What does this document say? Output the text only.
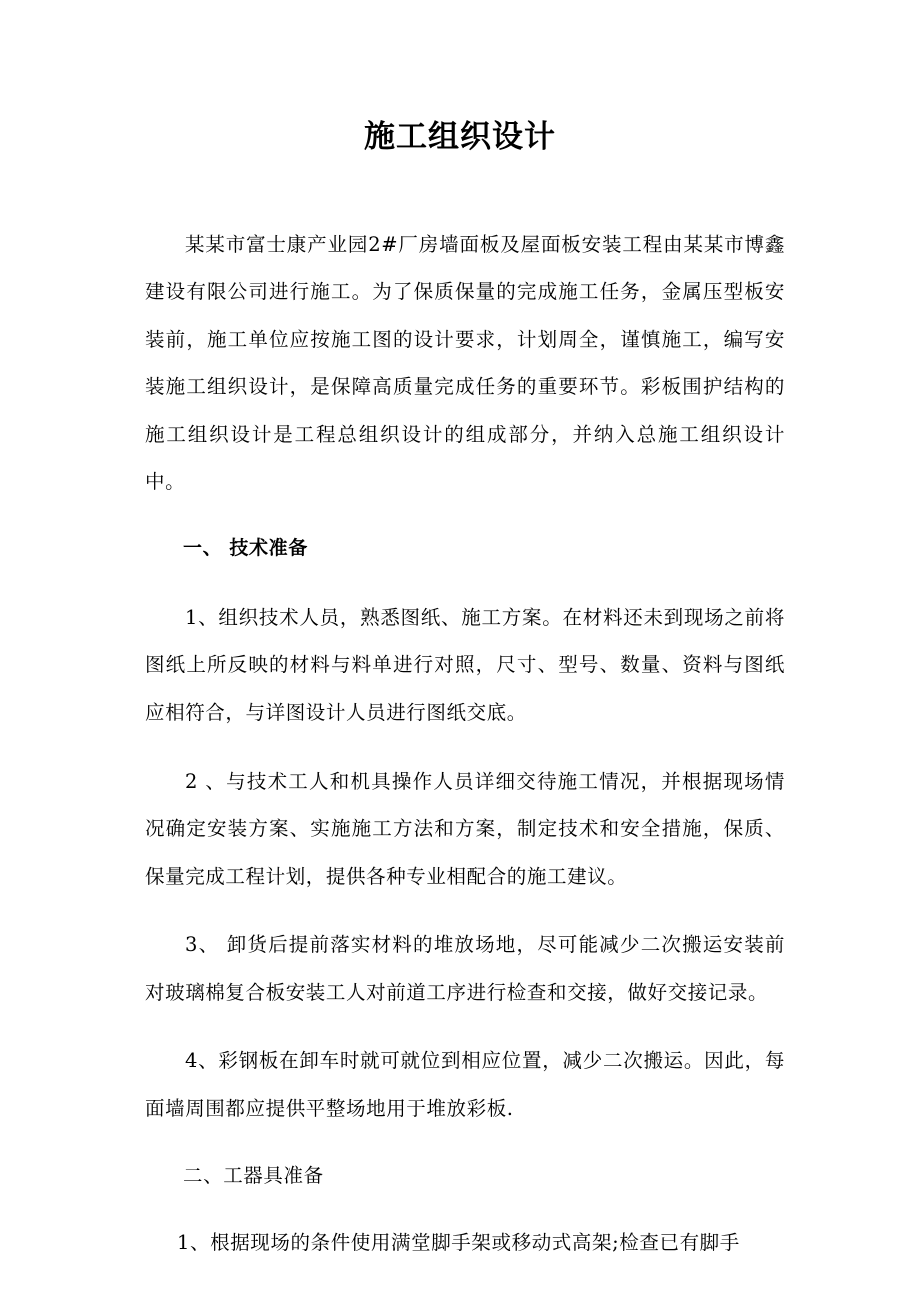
施工组织设计

某某市富士康产业园2#厂房墙面板及屋面板安装工程由某某市博鑫建设有限公司进行施工。为了保质保量的完成施工任务，金属压型板安装前，施工单位应按施工图的设计要求，计划周全，谨慎施工，编写安装施工组织设计，是保障高质量完成任务的重要环节。彩板围护结构的施工组织设计是工程总组织设计的组成部分，并纳入总施工组织设计中。

一、 技术准备

1、组织技术人员，熟悉图纸、施工方案。在材料还未到现场之前将图纸上所反映的材料与料单进行对照，尺寸、型号、数量、资料与图纸应相符合，与详图设计人员进行图纸交底。

2 、与技术工人和机具操作人员详细交待施工情况，并根据现场情况确定安装方案、实施施工方法和方案，制定技术和安全措施，保质、保量完成工程计划，提供各种专业相配合的施工建议。

3、 卸货后提前落实材料的堆放场地，尽可能减少二次搬运安装前对玻璃棉复合板安装工人对前道工序进行检查和交接，做好交接记录。

4、彩钢板在卸车时就可就位到相应位置，减少二次搬运。因此，每面墙周围都应提供平整场地用于堆放彩板.

二、工器具准备

1、根据现场的条件使用满堂脚手架或移动式高架;检查已有脚手
